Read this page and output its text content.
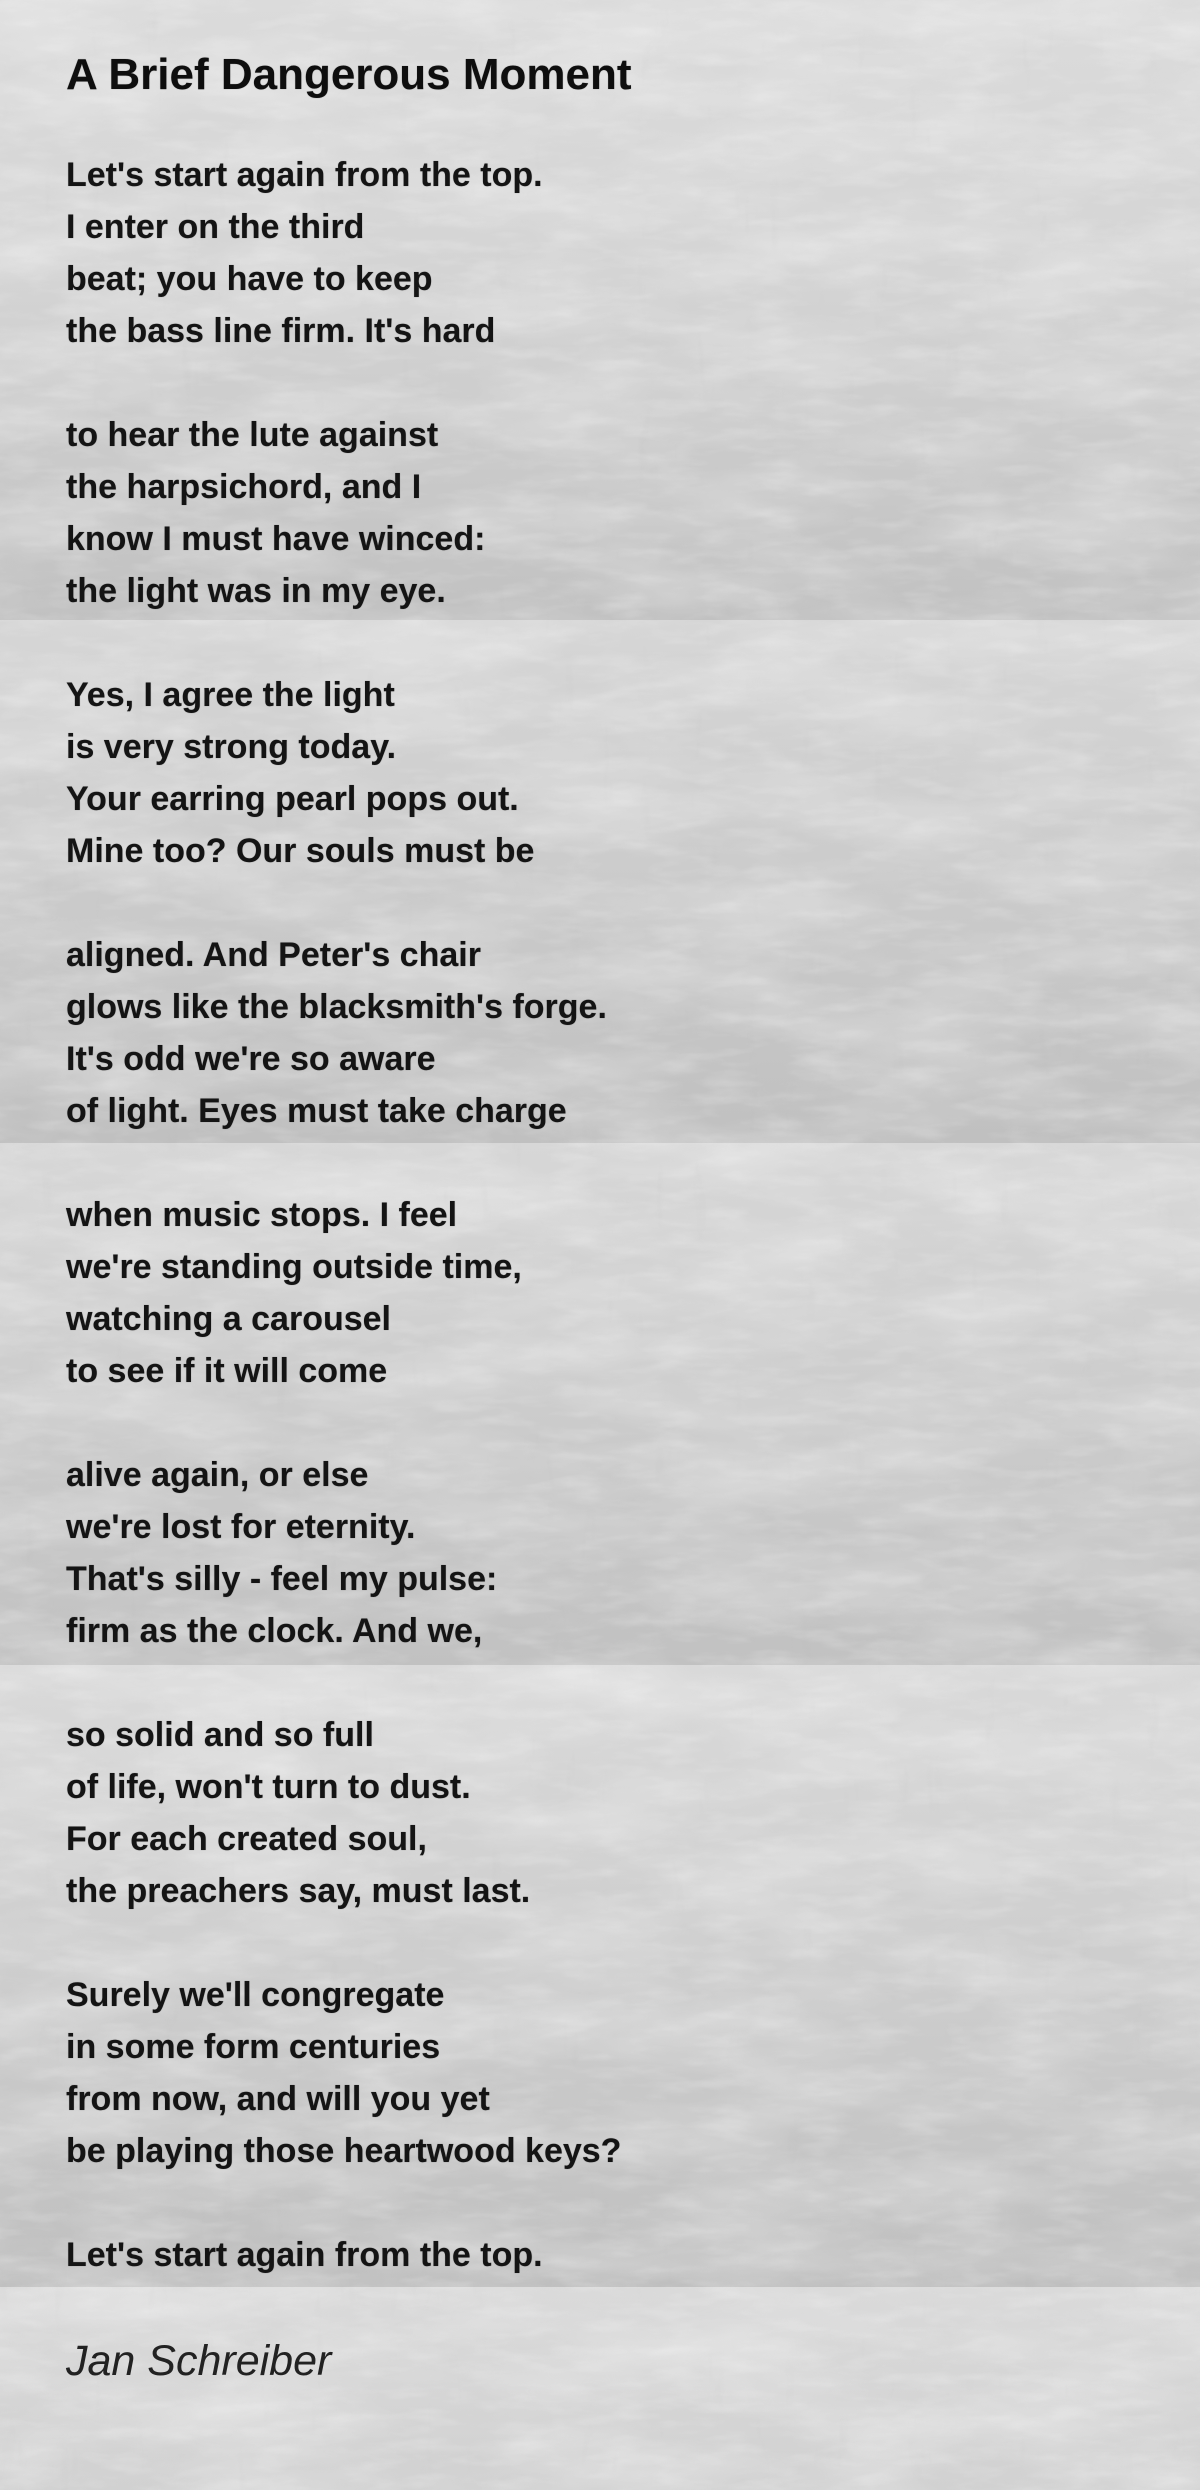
A Brief Dangerous Moment
Let's start again from the top.
I enter on the third
beat; you have to keep
the bass line firm. It's hard
to hear the lute against
the harpsichord, and I
know I must have winced:
the light was in my eye.
Yes, I agree the light
is very strong today.
Your earring pearl pops out.
Mine too? Our souls must be
aligned. And Peter's chair
glows like the blacksmith's forge.
It's odd we're so aware
of light. Eyes must take charge
when music stops. I feel
we're standing outside time,
watching a carousel
to see if it will come
alive again, or else
we're lost for eternity.
That's silly - feel my pulse:
firm as the clock. And we,
so solid and so full
of life, won't turn to dust.
For each created soul,
the preachers say, must last.
Surely we'll congregate
in some form centuries
from now, and will you yet
be playing those heartwood keys?
Let's start again from the top.
Jan Schreiber
